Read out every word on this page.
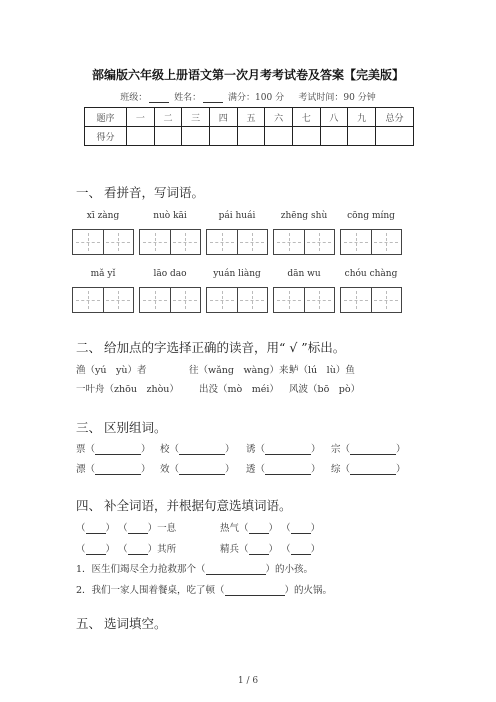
部编版六年级上册语文第一次月考考试卷及答案【完美版】
班级：	姓名：	满分：100 分 考试时间：90 分钟
题序	一	二	三	四	五	六	七	八	九	总分
得分										
一、 看拼音，写词语。
xī zàng	nuò kāi	pái huái	zhēng shù	cōng míng
mǎ yǐ	lāo dao	yuán liàng	dān wu	chóu chàng
二、 给加点的字选择正确的读音，用“ √ ”标出。
渔（yú　yù）者	往（wǎng　wàng）来 鲈（lú　lù）鱼
一叶舟（zhōu　zhòu） 出没（mò　méi） 风波（bō　pò）
三、 区别组词。
票（	） 校（	） 诱（	） 宗（	）
漂（	） 效（	） 透（	） 综（	）
四、 补全词语，并根据句意选填词语。
（ ） （ ）一息	热气（ ） （ ）
（ ） （ ）其所	精兵（ ） （ ）
1．医生们竭尽全力抢救那个（	）的小孩。
2．我们一家人围着餐桌，吃了顿（	）的火锅。
五、 选词填空。
1 / 6
